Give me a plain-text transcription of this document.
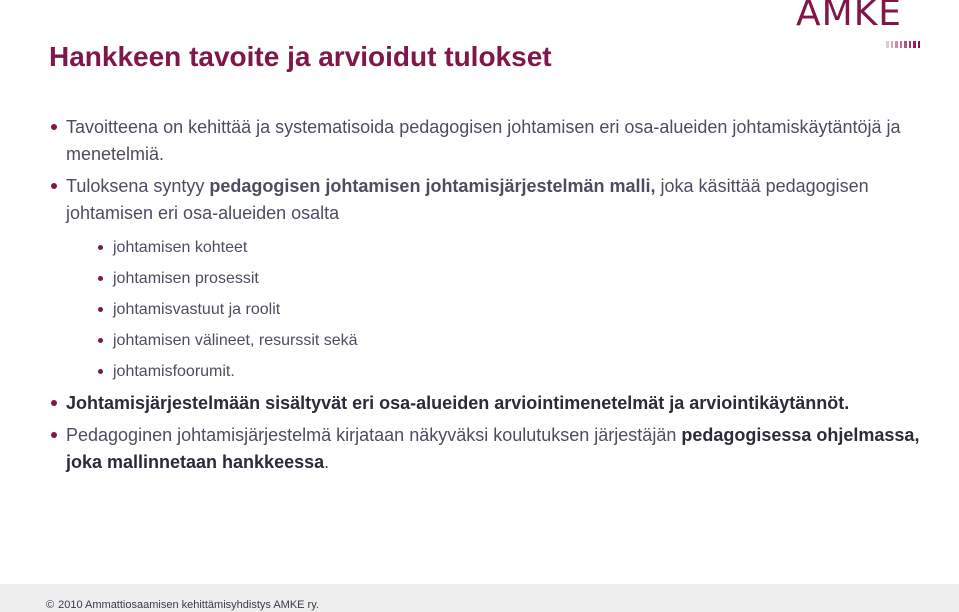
AMKE
Hankkeen tavoite ja arvioidut tulokset
Tavoitteena on kehittää ja systematisoida pedagogisen johtamisen eri osa-alueiden johtamiskäytäntöjä ja menetelmiä.
Tuloksena syntyy pedagogisen johtamisen johtamisjärjestelmän malli, joka käsittää pedagogisen johtamisen eri osa-alueiden osalta
johtamisen kohteet
johtamisen prosessit
johtamisvastuut ja roolit
johtamisen välineet, resurssit sekä
johtamisfoorumit.
Johtamisjärjestelmään sisältyvät eri osa-alueiden arviointimenetelmät ja arviointikäytännöt.
Pedagoginen johtamisjärjestelmä kirjataan näkyväksi koulutuksen järjestäjän pedagogisessa ohjelmassa, joka mallinnetaan hankkeessa.
© 2010 Ammattiosaamisen kehittämisyhdistys AMKE ry.
